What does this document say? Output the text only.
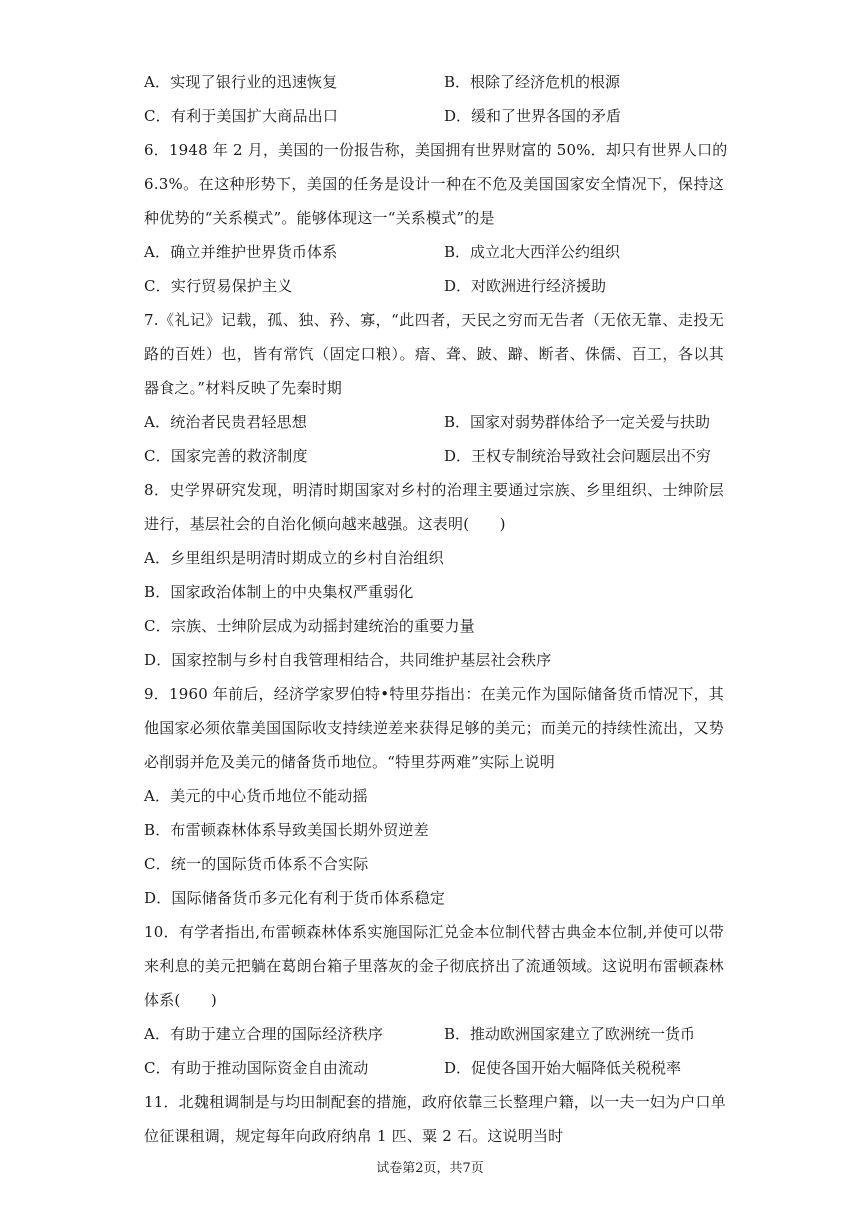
A．实现了银行业的迅速恢复	B．根除了经济危机的根源
C．有利于美国扩大商品出口	D．缓和了世界各国的矛盾
6．1948 年 2 月，美国的一份报告称，美国拥有世界财富的 50%．却只有世界人口的
6.3%。在这种形势下，美国的任务是设计一种在不危及美国国家安全情况下，保持这
种优势的“关系模式”。能够体现这一“关系模式”的是
A．确立并维护世界货币体系	B．成立北大西洋公约组织
C．实行贸易保护主义	D．对欧洲进行经济援助
7.《礼记》记载，孤、独、矜、寡，“此四者，天民之穷而无告者（无依无靠、走投无
路的百姓）也，皆有常饩（固定口粮）。瘖、聋、跛、躃、断者、侏儒、百工，各以其
器食之。”材料反映了先秦时期
A．统治者民贵君轻思想	B．国家对弱势群体给予一定关爱与扶助
C．国家完善的救济制度	D．王权专制统治导致社会问题层出不穷
8．史学界研究发现，明清时期国家对乡村的治理主要通过宗族、乡里组织、士绅阶层
进行，基层社会的自治化倾向越来越强。这表明(　　)
A．乡里组织是明清时期成立的乡村自治组织
B．国家政治体制上的中央集权严重弱化
C．宗族、士绅阶层成为动摇封建统治的重要力量
D．国家控制与乡村自我管理相结合，共同维护基层社会秩序
9．1960 年前后，经济学家罗伯特•特里芬指出：在美元作为国际储备货币情况下，其
他国家必须依靠美国国际收支持续逆差来获得足够的美元；而美元的持续性流出，又势
必削弱并危及美元的储备货币地位。“特里芬两难”实际上说明
A．美元的中心货币地位不能动摇
B．布雷顿森林体系导致美国长期外贸逆差
C．统一的国际货币体系不合实际
D．国际储备货币多元化有利于货币体系稳定
10．有学者指出,布雷顿森林体系实施国际汇兑金本位制代替古典金本位制,并使可以带
来利息的美元把躺在葛朗台箱子里落灰的金子彻底挤出了流通领域。这说明布雷顿森林
体系(　　)
A．有助于建立合理的国际经济秩序	B．推动欧洲国家建立了欧洲统一货币
C．有助于推动国际资金自由流动	D．促使各国开始大幅降低关税税率
11．北魏租调制是与均田制配套的措施，政府依靠三长整理户籍，以一夫一妇为户口单
位征课租调，规定每年向政府纳帛 1 匹、粟 2 石。这说明当时
试卷第2页，共7页
